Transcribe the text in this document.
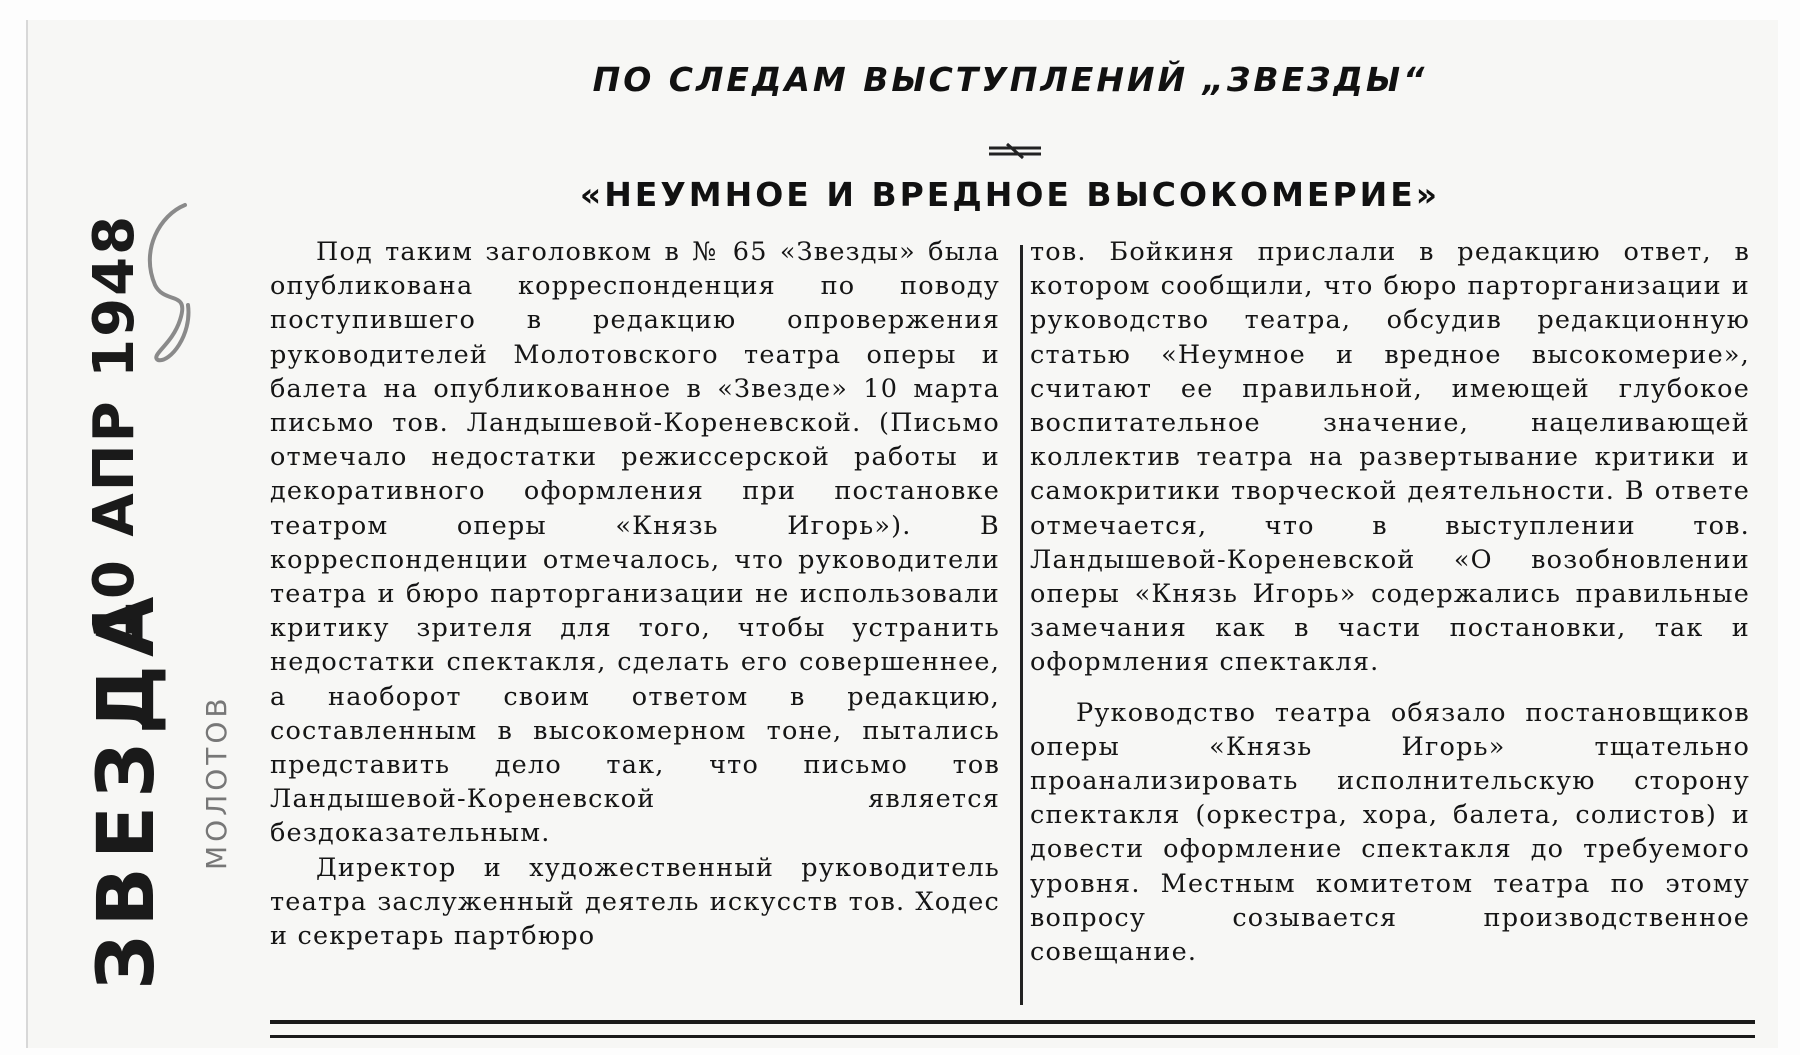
10 АПР 1948
ЗВЕЗДА МОЛОТОВ
ПО СЛЕДАМ ВЫСТУПЛЕНИЙ „ЗВЕЗДЫ“
«НЕУМНОЕ И ВРЕДНОЕ ВЫСОКОМЕРИЕ»

Под таким заголовком в № 65 «Звезды» была опубликована корреспонденция по поводу поступившего в редакцию опровержения руководителей Молотовского театра оперы и балета на опубликованное в «Звезде» 10 марта письмо тов. Ландышевой-Кореневской. (Письмо отмечало недостатки режиссерской работы и декоративного оформления при постановке театром оперы «Князь Игорь»). В корреспонденции отмечалось, что руководители театра и бюро парторганизации не использовали критику зрителя для того, чтобы устранить недостатки спектакля, сделать его совершеннее, а наоборот своим ответом в редакцию, составленным в высокомерном тоне, пытались представить дело так, что письмо тов Ландышевой-Кореневской является бездоказательным.

Директор и художественный руководитель театра заслуженный деятель искусств тов. Ходес и секретарь партбюро

тов. Бойкиня прислали в редакцию ответ, в котором сообщили, что бюро парторганизации и руководство театра, обсудив редакционную статью «Неумное и вредное высокомерие», считают ее правильной, имеющей глубокое воспитательное значение, нацеливающей коллектив театра на развертывание критики и самокритики творческой деятельности. В ответе отмечается, что в выступлении тов. Ландышевой-Кореневской «О возобновлении оперы «Князь Игорь» содержались правильные замечания как в части постановки, так и оформления спектакля.

Руководство театра обязало постановщиков оперы «Князь Игорь» тщательно проанализировать исполнительскую сторону спектакля (оркестра, хора, балета, солистов) и довести оформление спектакля до требуемого уровня. Местным комитетом театра по этому вопросу созывается производственное совещание.
